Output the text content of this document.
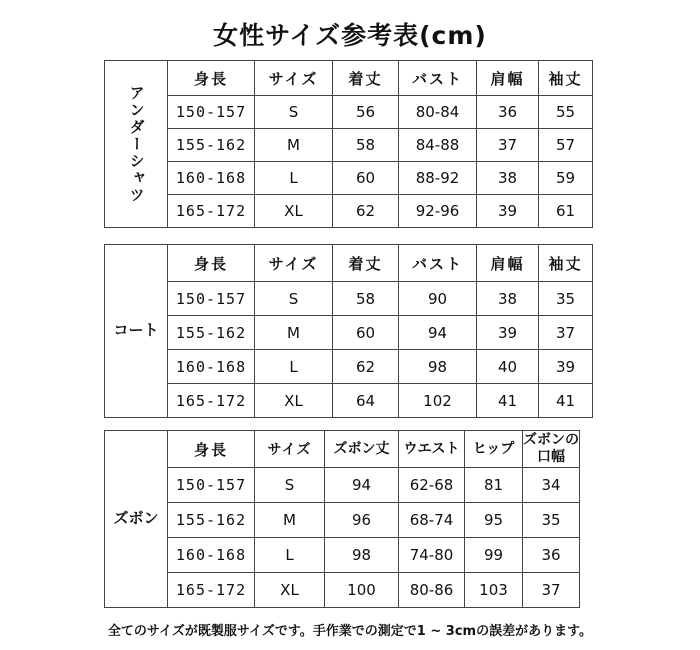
女性サイズ参考表(cm)
アンダーシャツ	身長	サイズ	着丈	バスト	肩幅	袖丈
	150-157	S	56	80-84	36	55
	155-162	M	58	84-88	37	57
	160-168	L	60	88-92	38	59
	165-172	XL	62	92-96	39	61
コート	身長	サイズ	着丈	バスト	肩幅	袖丈
	150-157	S	58	90	38	35
	155-162	M	60	94	39	37
	160-168	L	62	98	40	39
	165-172	XL	64	102	41	41
ズボン	身長	サイズ	ズボン丈	ウエスト	ヒップ	ズボンの口幅
	150-157	S	94	62-68	81	34
	155-162	M	96	68-74	95	35
	160-168	L	98	74-80	99	36
	165-172	XL	100	80-86	103	37
全てのサイズが既製服サイズです。手作業での測定で1 ~ 3cmの誤差があります。
